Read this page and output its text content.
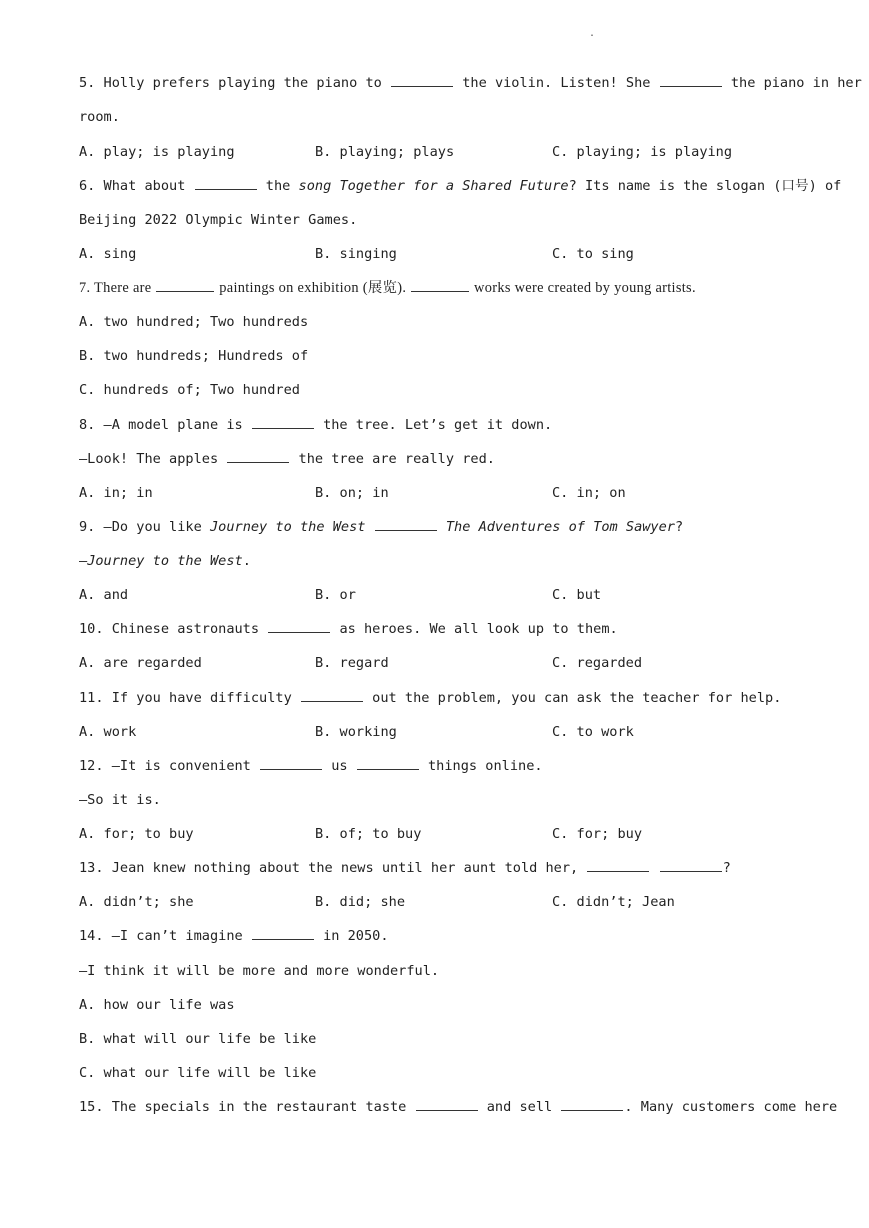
.
5. Holly prefers playing the piano to	the violin. Listen! She	the piano in her
room.
A. play; is playing	B. playing; plays	C. playing; is playing
6. What about	the song Together for a Shared Future? Its name is the slogan (口号) of
Beijing 2022 Olympic Winter Games.
A. sing	B. singing	C. to sing
7. There are	paintings on exhibition (展览).	works were created by young artists.
A. two hundred; Two hundreds
B. two hundreds; Hundreds of
C. hundreds of; Two hundred
8. —A model plane is	the tree. Let’s get it down.
—Look! The apples	the tree are really red.
A. in; in	B. on; in	C. in; on
9. —Do you like Journey to the West	The Adventures of Tom Sawyer?
—Journey to the West.
A. and	B. or	C. but
10. Chinese astronauts	as heroes. We all look up to them.
A. are regarded	B. regard	C. regarded
11. If you have difficulty	out the problem, you can ask the teacher for help.
A. work	B. working	C. to work
12. —It is convenient	us	things online.
—So it is.
A. for; to buy	B. of; to buy	C. for; buy
13. Jean knew nothing about the news until her aunt told her,	?
A. didn’t; she	B. did; she	C. didn’t; Jean
14. —I can’t imagine	in 2050.
—I think it will be more and more wonderful.
A. how our life was
B. what will our life be like
C. what our life will be like
15. The specials in the restaurant taste	and sell	. Many customers come here
